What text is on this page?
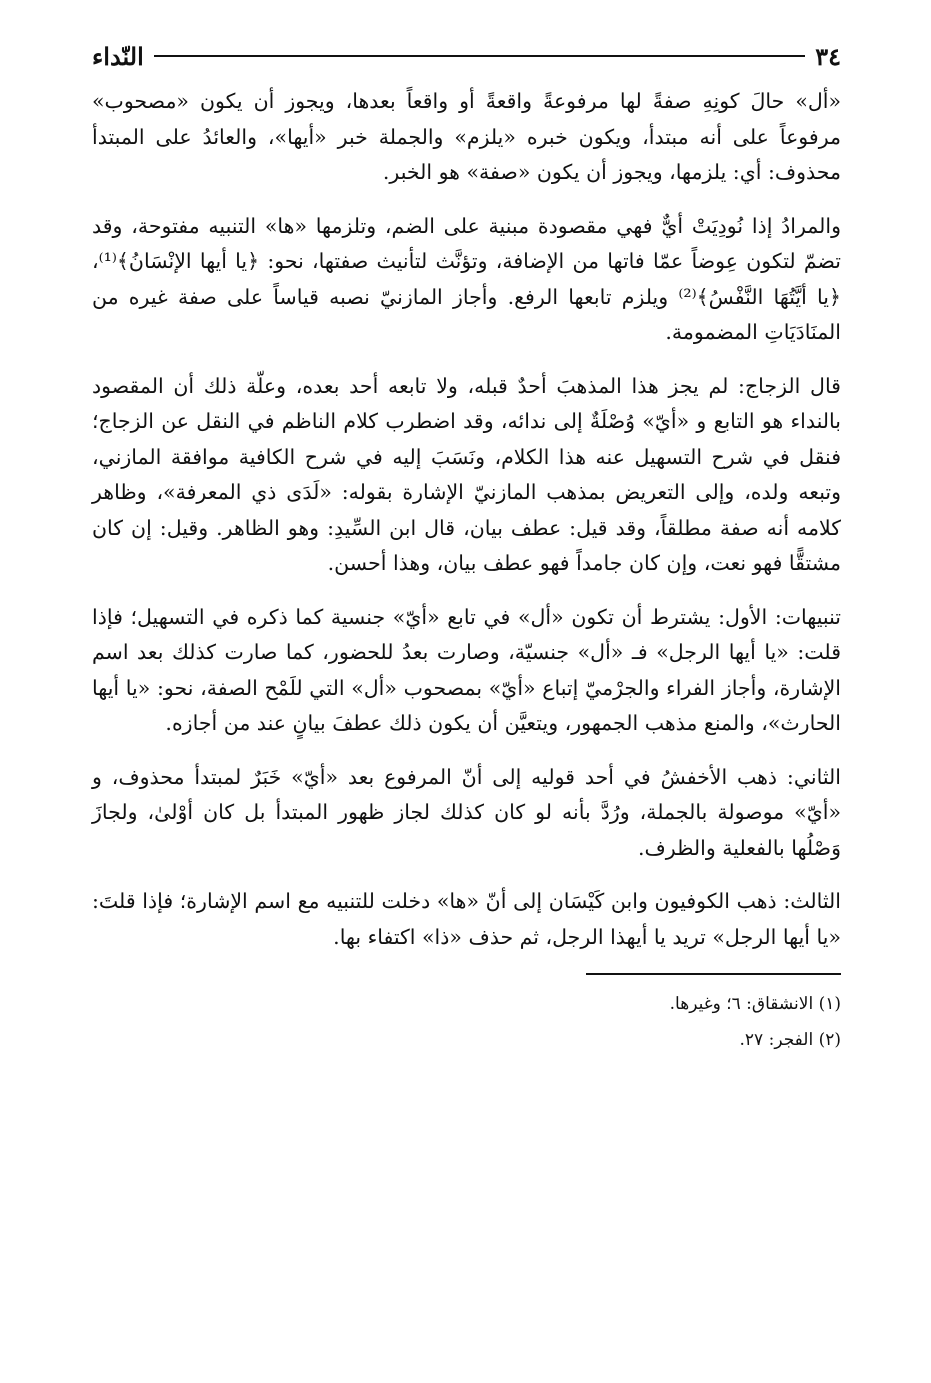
٣٤
النّداء

«أل» حالَ كونِهِ صفةً لها مرفوعةً واقعةً أو واقعاً بعدها، ويجوز أن يكون «مصحوب» مرفوعاً على أنه مبتدأ، ويكون خبره «يلزم» والجملة خبر «أيها»، والعائدُ على المبتدأ محذوف: أي: يلزمها، ويجوز أن يكون «صفة» هو الخبر.

والمرادُ إذا نُودِيَتْ أيٌّ فهي مقصودة مبنية على الضم، وتلزمها «ها» التنبيه مفتوحة، وقد تضمّ لتكون عِوضاً عمّا فاتها من الإضافة، وتؤنَّث لتأنيث صفتها، نحو: ﴿يا أيها الإنْسَانُ﴾⁽¹⁾، ﴿يا أيَّتُهَا النَّفْسُ﴾⁽²⁾ ويلزم تابعها الرفع. وأجاز المازنيّ نصبه قياساً على صفة غيره من المنَادَيَاتِ المضمومة.

قال الزجاج: لم يجز هذا المذهبَ أحدٌ قبله، ولا تابعه أحد بعده، وعلّة ذلك أن المقصود بالنداء هو التابع و «أيّ» وُصْلَةٌ إلى ندائه، وقد اضطرب كلام الناظم في النقل عن الزجاج؛ فنقل في شرح التسهيل عنه هذا الكلام، ونَسَبَ إليه في شرح الكافية موافقة المازني، وتبعه ولده، وإلى التعريض بمذهب المازنيّ الإشارة بقوله: «لَدَى ذي المعرفة»، وظاهر كلامه أنه صفة مطلقاً، وقد قيل: عطف بيان، قال ابن السِّيدِ: وهو الظاهر. وقيل: إن كان مشتقًّا فهو نعت، وإن كان جامداً فهو عطف بيان، وهذا أحسن.

تنبيهات: الأول: يشترط أن تكون «أل» في تابع «أيّ» جنسية كما ذكره في التسهيل؛ فإذا قلت: «يا أيها الرجل» فـ «أل» جنسيّة، وصارت بعدُ للحضور، كما صارت كذلك بعد اسم الإشارة، وأجاز الفراء والجرْميّ إتباع «أيّ» بمصحوب «أل» التي للَمْح الصفة، نحو: «يا أيها الحارث»، والمنع مذهب الجمهور، ويتعيَّن أن يكون ذلك عطفَ بيانٍ عند من أجازه.

الثاني: ذهب الأخفشُ في أحد قوليه إلى أنّ المرفوع بعد «أيّ» خَبَرٌ لمبتدأ محذوف، و «أيّ» موصولة بالجملة، ورُدَّ بأنه لو كان كذلك لجاز ظهور المبتدأ بل كان أوْلىٰ، ولجازَ وَصْلُها بالفعلية والظرف.

الثالث: ذهب الكوفيون وابن كَيْسَان إلى أنّ «ها» دخلت للتنبيه مع اسم الإشارة؛ فإذا قلتَ: «يا أيها الرجل» تريد يا أيهذا الرجل، ثم حذف «ذا» اكتفاء بها.

(١) الانشقاق: ٦؛ وغيرها.

(٢) الفجر: ٢٧.
